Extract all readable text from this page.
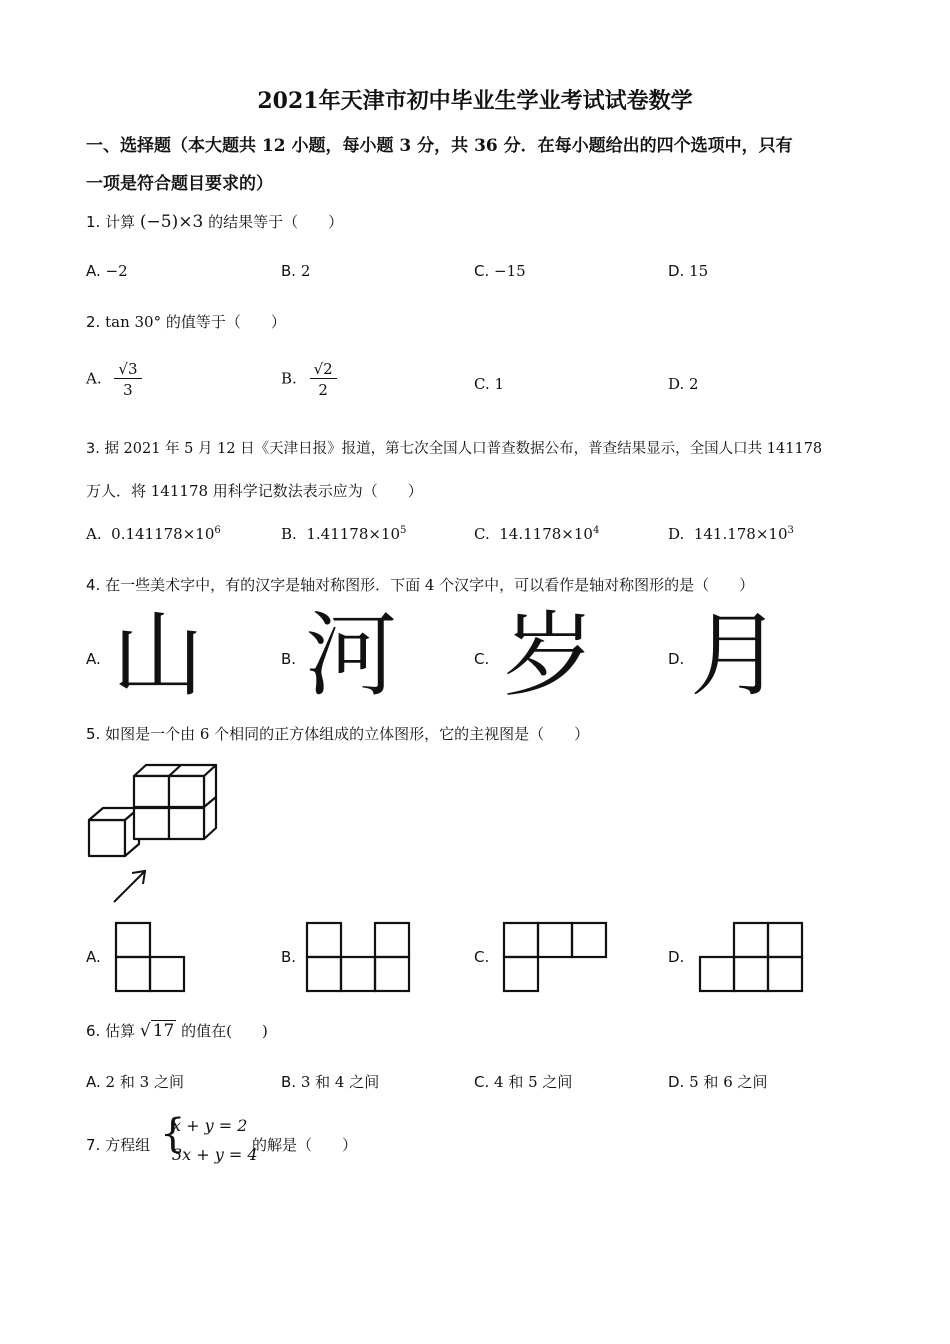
2021年天津市初中毕业生学业考试试卷数学
一、选择题（本大题共 12 小题，每小题 3 分，共 36 分．在每小题给出的四个选项中，只有
一项是符合题目要求的）
1. 计算 (−5)×3 的结果等于（　　）
A. −2	B. 2	C. −15	D. 15
2. tan 30° 的值等于（　　）
A. $\frac{√3}{3}$	B. $\frac{√2}{2}$	C. 1	D. 2
3. 据 2021 年 5 月 12 日《天津日报》报道，第七次全国人口普查数据公布，普查结果显示，全国人口共 141178
万人．将 141178 用科学记数法表示应为（　　）
A. $0.141178\times 10^6$	B. $1.41178\times 10^5$	C. $14.1178\times 10^4$	D. $141.178\times 10^3$
4. 在一些美术字中，有的汉字是轴对称图形．下面 4 个汉字中，可以看作是轴对称图形的是（　　）
A. 山	B. 河	C. 岁	D. 月
5. 如图是一个由 6 个相同的正方体组成的立体图形，它的主视图是（　　）
A.	B.	C.	D.
6. 估算 √ 17 的值在(　　)
A. 2 和 3 之间	B. 3 和 4 之间	C. 4 和 5 之间	D. 5 和 6 之间
7. 方程组 {
x + y = 2
3x + y = 4
的解是（　　）
